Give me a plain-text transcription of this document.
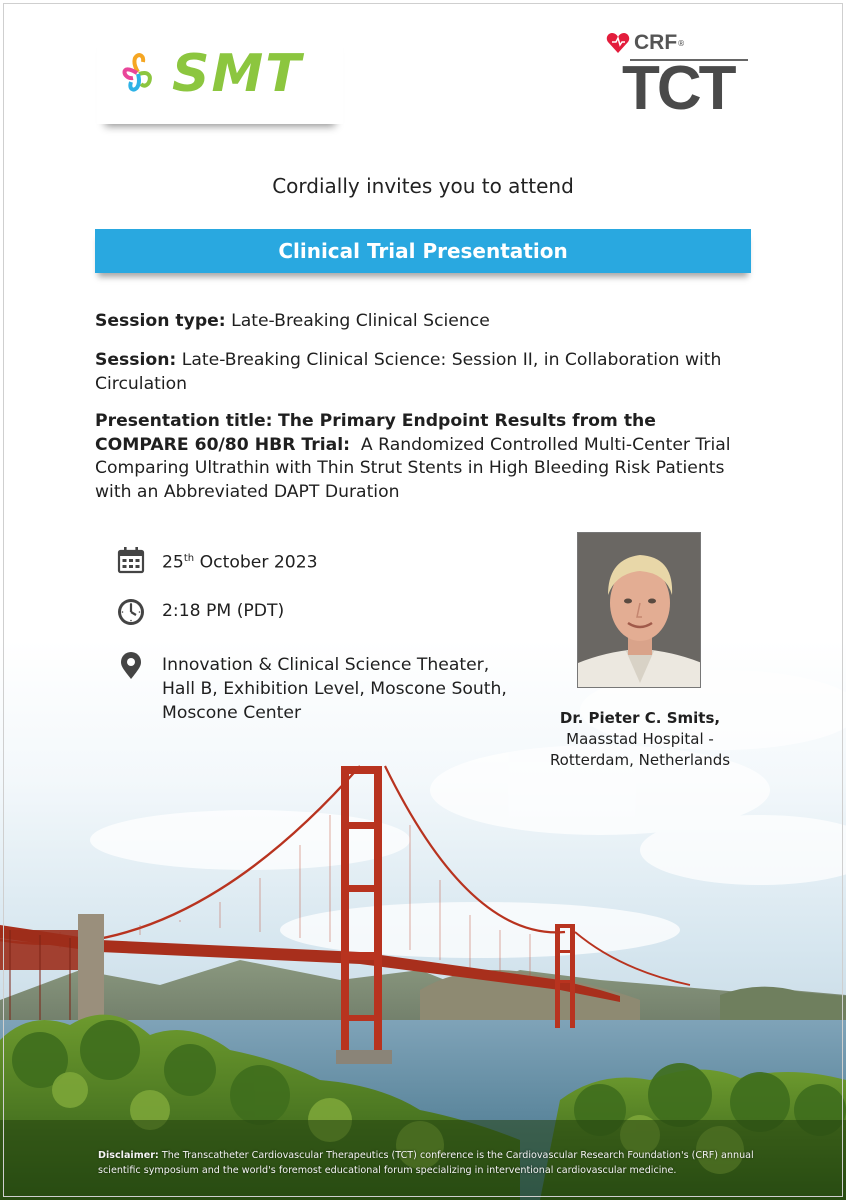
SMT
CRF ®
TCT
Cordially invites you to attend
Clinical Trial Presentation
Session type: Late-Breaking Clinical Science
Session: Late-Breaking Clinical Science: Session II, in Collaboration with Circulation
Presentation title: The Primary Endpoint Results from the COMPARE 60/80 HBR Trial: A Randomized Controlled Multi-Center Trial Comparing Ultrathin with Thin Strut Stents in High Bleeding Risk Patients with an Abbreviated DAPT Duration
25th October 2023
2:18 PM (PDT)
Innovation & Clinical Science Theater,
Hall B, Exhibition Level, Moscone South,
Moscone Center	Dr. Pieter C. Smits,
Maasstad Hospital -
Rotterdam, Netherlands
Disclaimer: The Transcatheter Cardiovascular Therapeutics (TCT) conference is the Cardiovascular Research Foundation's (CRF) annual scientific symposium and the world's foremost educational forum specializing in interventional cardiovascular medicine.
